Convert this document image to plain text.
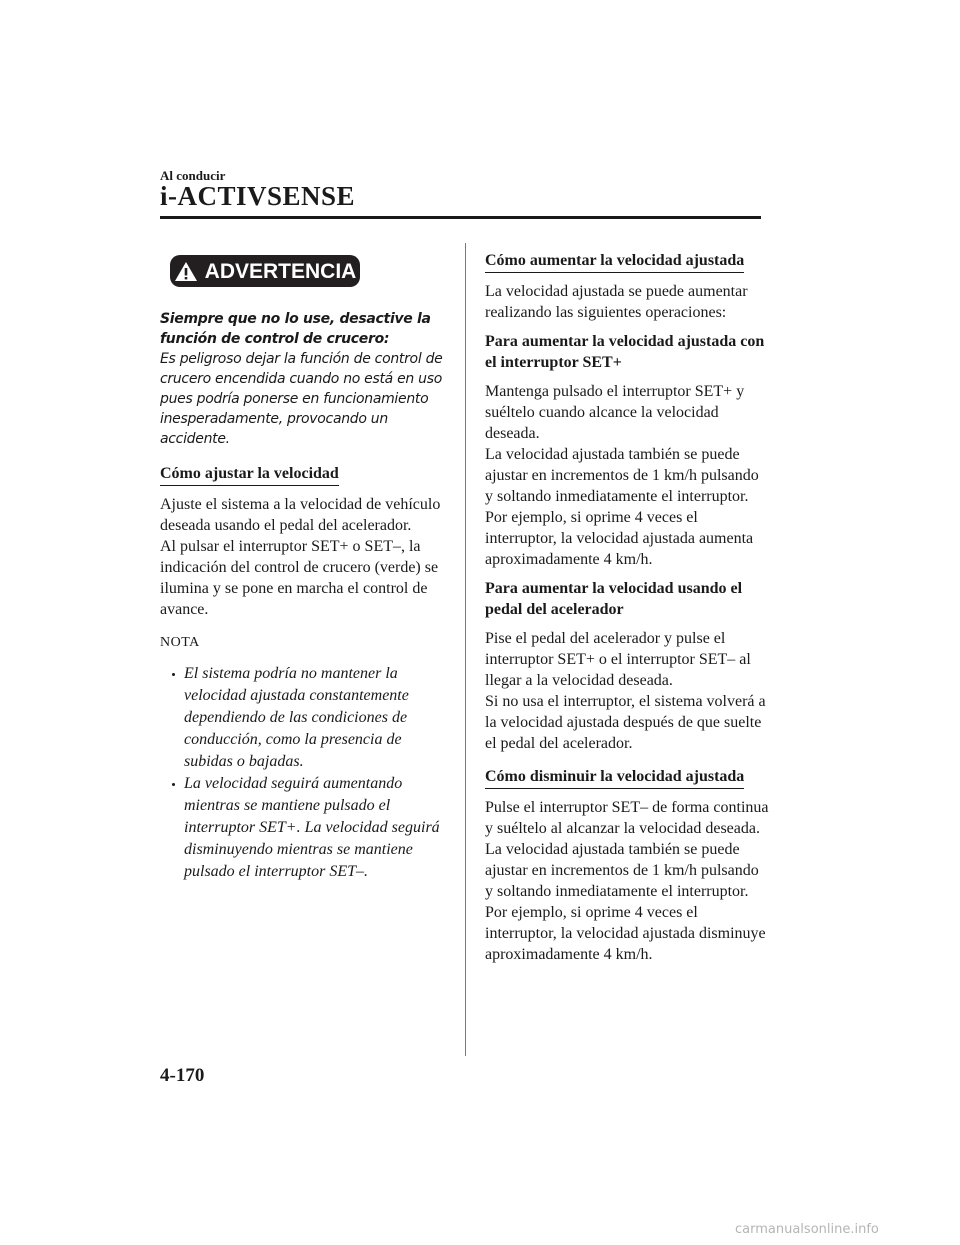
Al conducir
i-ACTIVSENSE
ADVERTENCIA
Siempre que no lo use, desactive la función de control de crucero:
Es peligroso dejar la función de control de crucero encendida cuando no está en uso pues podría ponerse en funcionamiento inesperadamente, provocando un accidente.

Cómo ajustar la velocidad

Ajuste el sistema a la velocidad de vehículo deseada usando el pedal del acelerador.

Al pulsar el interruptor SET+ o SET–, la indicación del control de crucero (verde) se ilumina y se pone en marcha el control de avance.

NOTA

El sistema podría no mantener la velocidad ajustada constantemente dependiendo de las condiciones de conducción, como la presencia de subidas o bajadas.
La velocidad seguirá aumentando mientras se mantiene pulsado el interruptor SET+. La velocidad seguirá disminuyendo mientras se mantiene pulsado el interruptor SET–.

Cómo aumentar la velocidad ajustada

La velocidad ajustada se puede aumentar realizando las siguientes operaciones:

Para aumentar la velocidad ajustada con el interruptor SET+

Mantenga pulsado el interruptor SET+ y suéltelo cuando alcance la velocidad deseada.

La velocidad ajustada también se puede ajustar en incrementos de 1 km/h pulsando y soltando inmediatamente el interruptor.

Por ejemplo, si oprime 4 veces el interruptor, la velocidad ajustada aumenta aproximadamente 4 km/h.

Para aumentar la velocidad usando el pedal del acelerador

Pise el pedal del acelerador y pulse el interruptor SET+ o el interruptor SET– al llegar a la velocidad deseada.

Si no usa el interruptor, el sistema volverá a la velocidad ajustada después de que suelte el pedal del acelerador.

Cómo disminuir la velocidad ajustada

Pulse el interruptor SET– de forma continua y suéltelo al alcanzar la velocidad deseada.

La velocidad ajustada también se puede ajustar en incrementos de 1 km/h pulsando y soltando inmediatamente el interruptor.

Por ejemplo, si oprime 4 veces el interruptor, la velocidad ajustada disminuye aproximadamente 4 km/h.

4-170
carmanualsonline.info
